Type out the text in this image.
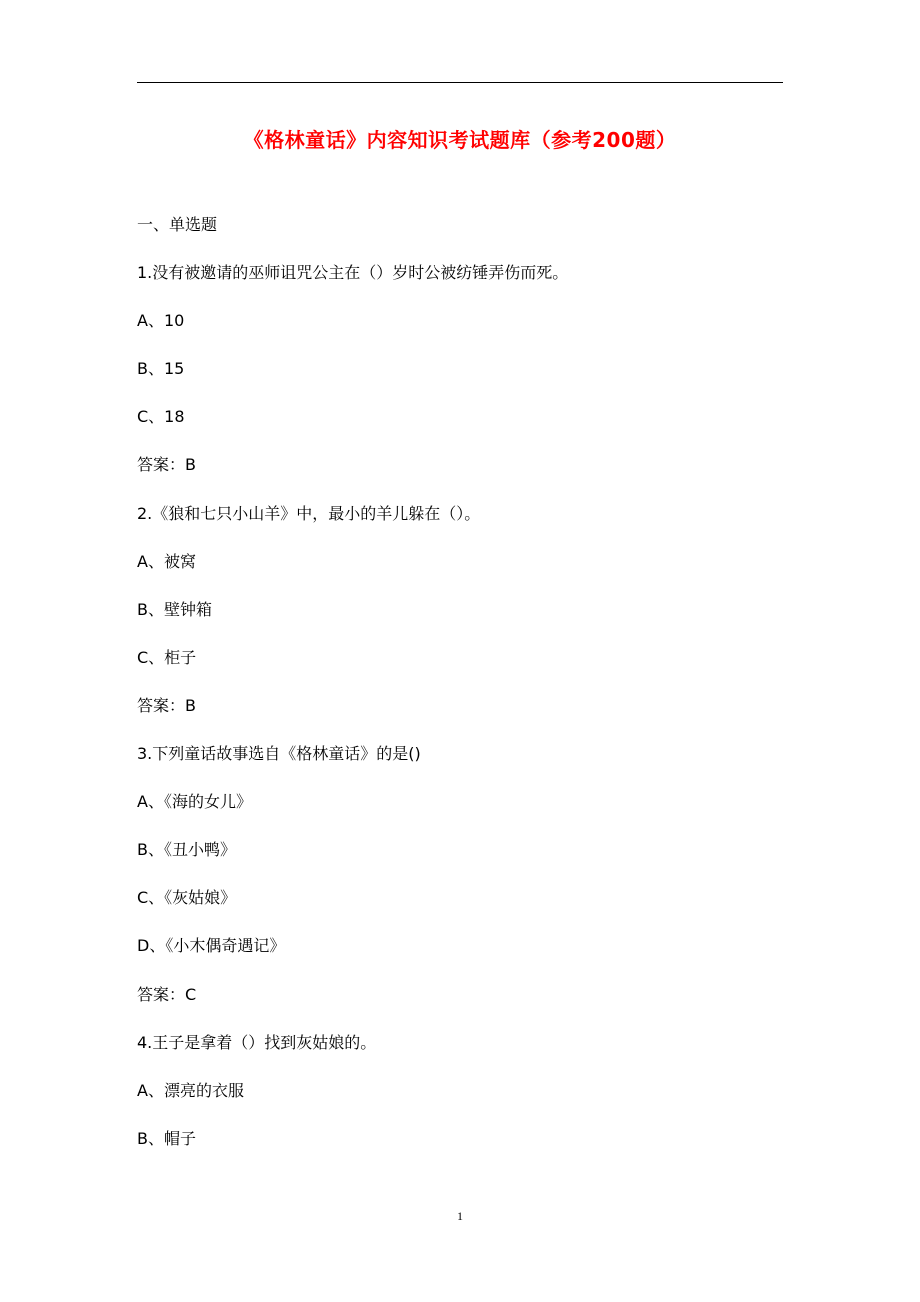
《格林童话》内容知识考试题库（参考200题）
一、单选题
1.没有被邀请的巫师诅咒公主在（）岁时公被纺锤弄伤而死。
A、10
B、15
C、18
答案：B
2.《狼和七只小山羊》中，最小的羊儿躲在（）。
A、被窝
B、壁钟箱
C、柜子
答案：B
3.下列童话故事选自《格林童话》的是()
A、《海的女儿》
B、《丑小鸭》
C、《灰姑娘》
D、《小木偶奇遇记》
答案：C
4.王子是拿着（）找到灰姑娘的。
A、漂亮的衣服
B、帽子
1
